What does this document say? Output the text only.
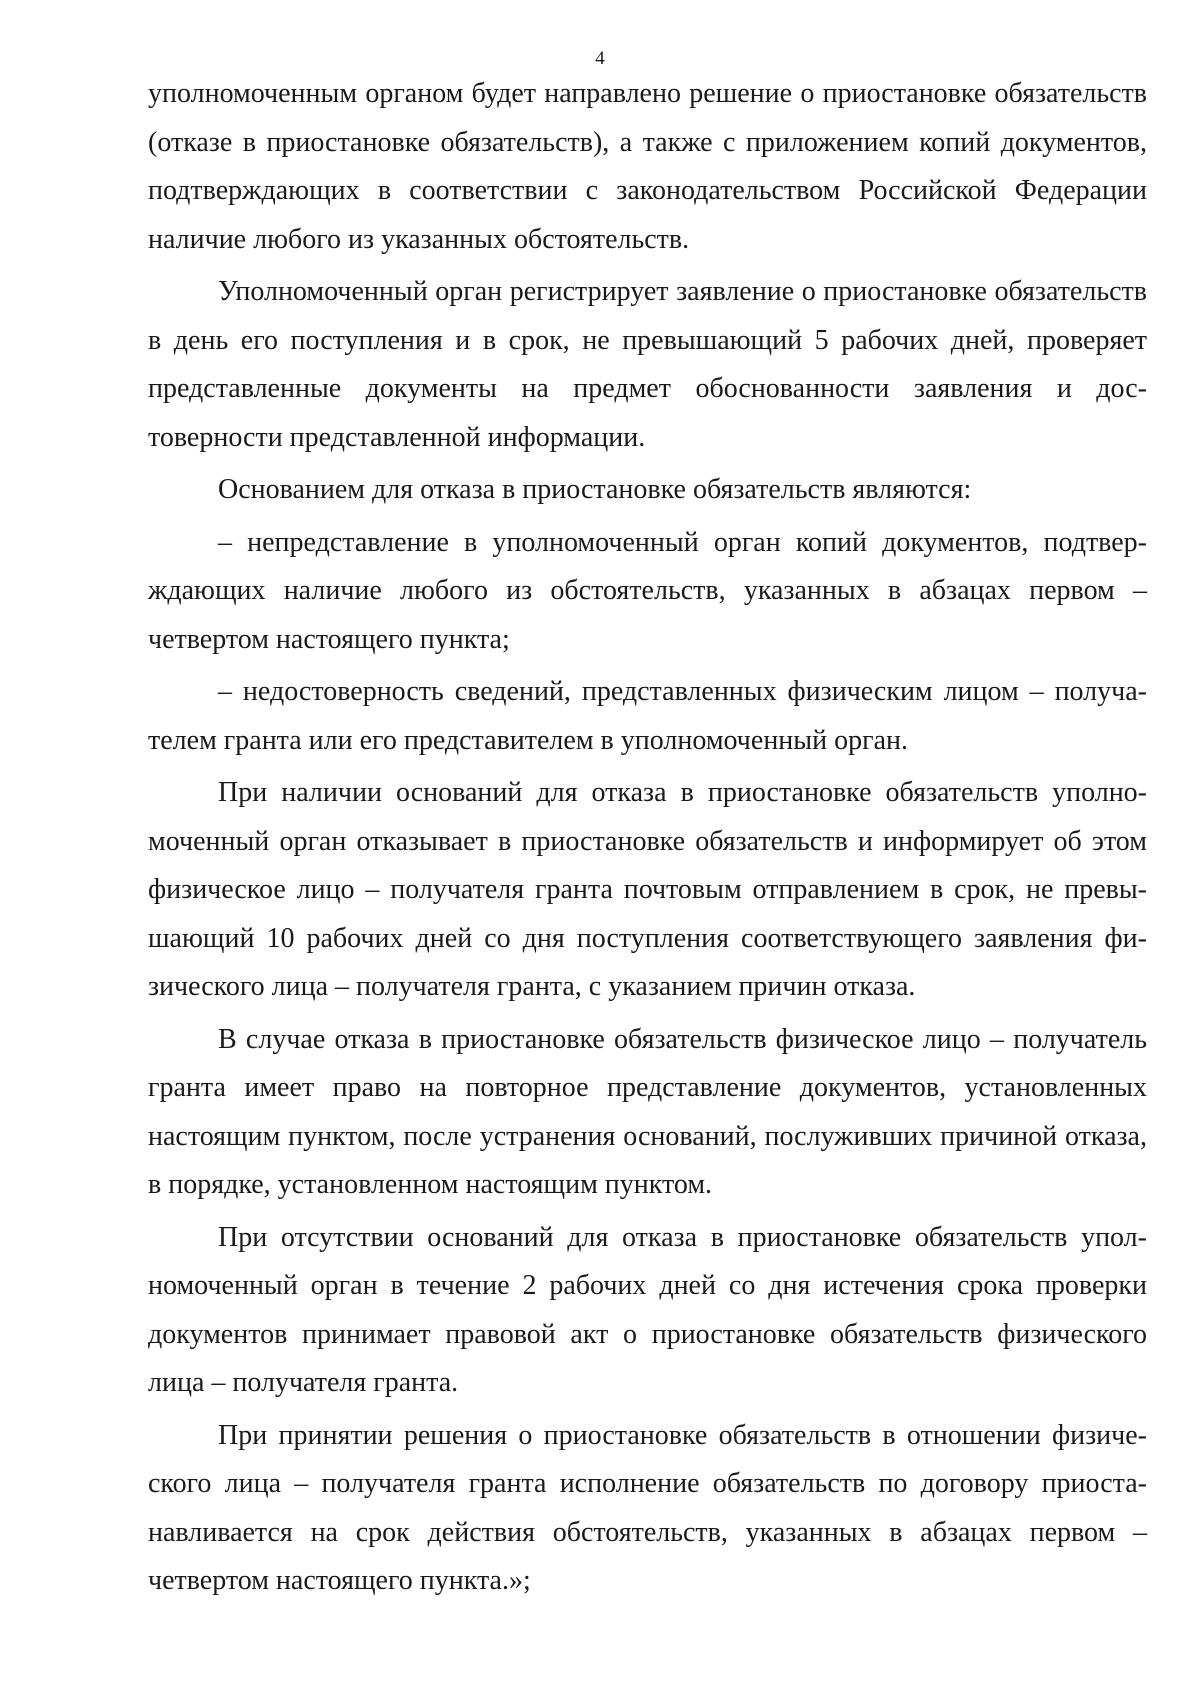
4

уполномоченным органом будет направлено решение о приостановке обязательств (отказе в приостановке обязательств), а также с приложением копий документов, подтверждающих в соответствии с законодательством Российской Федерации наличие любого из указанных обстоятельств.

Уполномоченный орган регистрирует заявление о приостановке обязательств в день его поступления и в срок, не превышающий 5 рабочих дней, проверяет представленные документы на предмет обоснованности заявления и достоверности представленной информации.

Основанием для отказа в приостановке обязательств являются:

– непредставление в уполномоченный орган копий документов, подтверждающих наличие любого из обстоятельств, указанных в абзацах первом – четвертом настоящего пункта;

– недостоверность сведений, представленных физическим лицом – получателем гранта или его представителем в уполномоченный орган.

При наличии оснований для отказа в приостановке обязательств уполномоченный орган отказывает в приостановке обязательств и информирует об этом физическое лицо – получателя гранта почтовым отправлением в срок, не превышающий 10 рабочих дней со дня поступления соответствующего заявления физического лица – получателя гранта, с указанием причин отказа.

В случае отказа в приостановке обязательств физическое лицо – получатель гранта имеет право на повторное представление документов, установленных настоящим пунктом, после устранения оснований, послуживших причиной отказа, в порядке, установленном настоящим пунктом.

При отсутствии оснований для отказа в приостановке обязательств уполномоченный орган в течение 2 рабочих дней со дня истечения срока проверки документов принимает правовой акт о приостановке обязательств физического лица – получателя гранта.

При принятии решения о приостановке обязательств в отношении физического лица – получателя гранта исполнение обязательств по договору приостанавливается на срок действия обстоятельств, указанных в абзацах первом – четвертом настоящего пункта.»;
